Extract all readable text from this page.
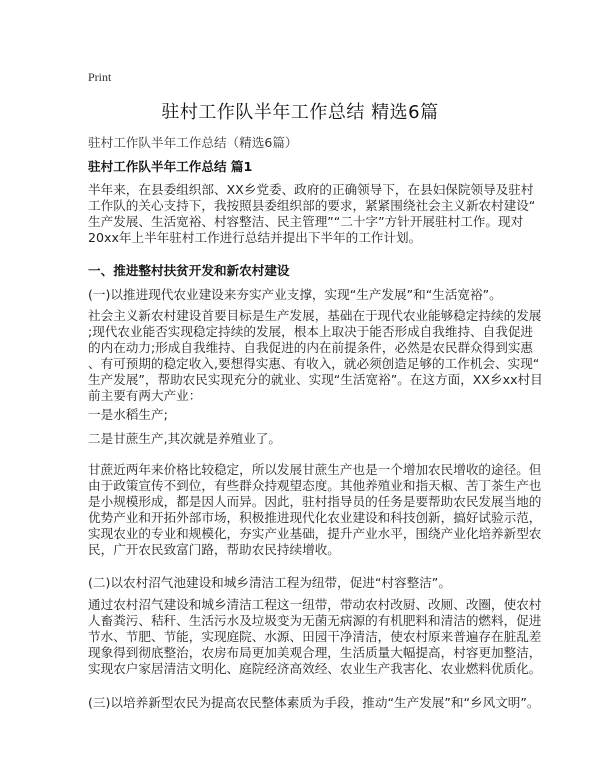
Print
驻村工作队半年工作总结 精选6篇
驻村工作队半年工作总结（精选6篇）
驻村工作队半年工作总结 篇1
半年来，在县委组织部、XX乡党委、政府的正确领导下，在县妇保院领导及驻村
工作队的关心支持下，我按照县委组织部的要求，紧紧围绕社会主义新农村建设“
生产发展、生活宽裕、村容整洁、民主管理”“二十字”方针开展驻村工作。现对
20xx年上半年驻村工作进行总结并提出下半年的工作计划。
一、推进整村扶贫开发和新农村建设
(一)以推进现代农业建设来夯实产业支撑，实现“生产发展”和“生活宽裕”。
社会主义新农村建设首要目标是生产发展，基础在于现代农业能够稳定持续的发展
;现代农业能否实现稳定持续的发展，根本上取决于能否形成自我维持、自我促进
的内在动力;形成自我维持、自我促进的内在前提条件，必然是农民群众得到实惠
、有可预期的稳定收入,要想得实惠、有收入，就必须创造足够的工作机会、实现“
生产发展”，帮助农民实现充分的就业、实现“生活宽裕”。在这方面，XX乡xx村目
前主要有两大产业：
一是水稻生产;
二是甘蔗生产,其次就是养殖业了。
甘蔗近两年来价格比较稳定，所以发展甘蔗生产也是一个增加农民增收的途径。但
由于政策宣传不到位，有些群众持观望态度。其他养殖业和指天椒、苦丁茶生产也
是小规模形成，都是因人而异。因此，驻村指导员的任务是要帮助农民发展当地的
优势产业和开拓外部市场，积极推进现代化农业建设和科技创新，搞好试验示范，
实现农业的专业和规模化，夯实产业基础，提升产业水平，围绕产业化培养新型农
民，广开农民致富门路，帮助农民持续增收。
(二)以农村沼气池建设和城乡清洁工程为纽带，促进“村容整洁”。
通过农村沼气建设和城乡清洁工程这一纽带，带动农村改厨、改厕、改圈，使农村
人畜粪污、秸秆、生活污水及垃圾变为无菌无病源的有机肥料和清洁的燃料，促进
节水、节肥、节能，实现庭院、水源、田园干净清洁，使农村原来普遍存在脏乱差
现象得到彻底整治，农房布局更加美观合理，生活质量大幅提高，村容更加整洁，
实现农户家居清洁文明化、庭院经济高效经、农业生产我害化、农业燃料优质化。
(三)以培养新型农民为提高农民整体素质为手段，推动“生产发展”和“乡风文明”。
